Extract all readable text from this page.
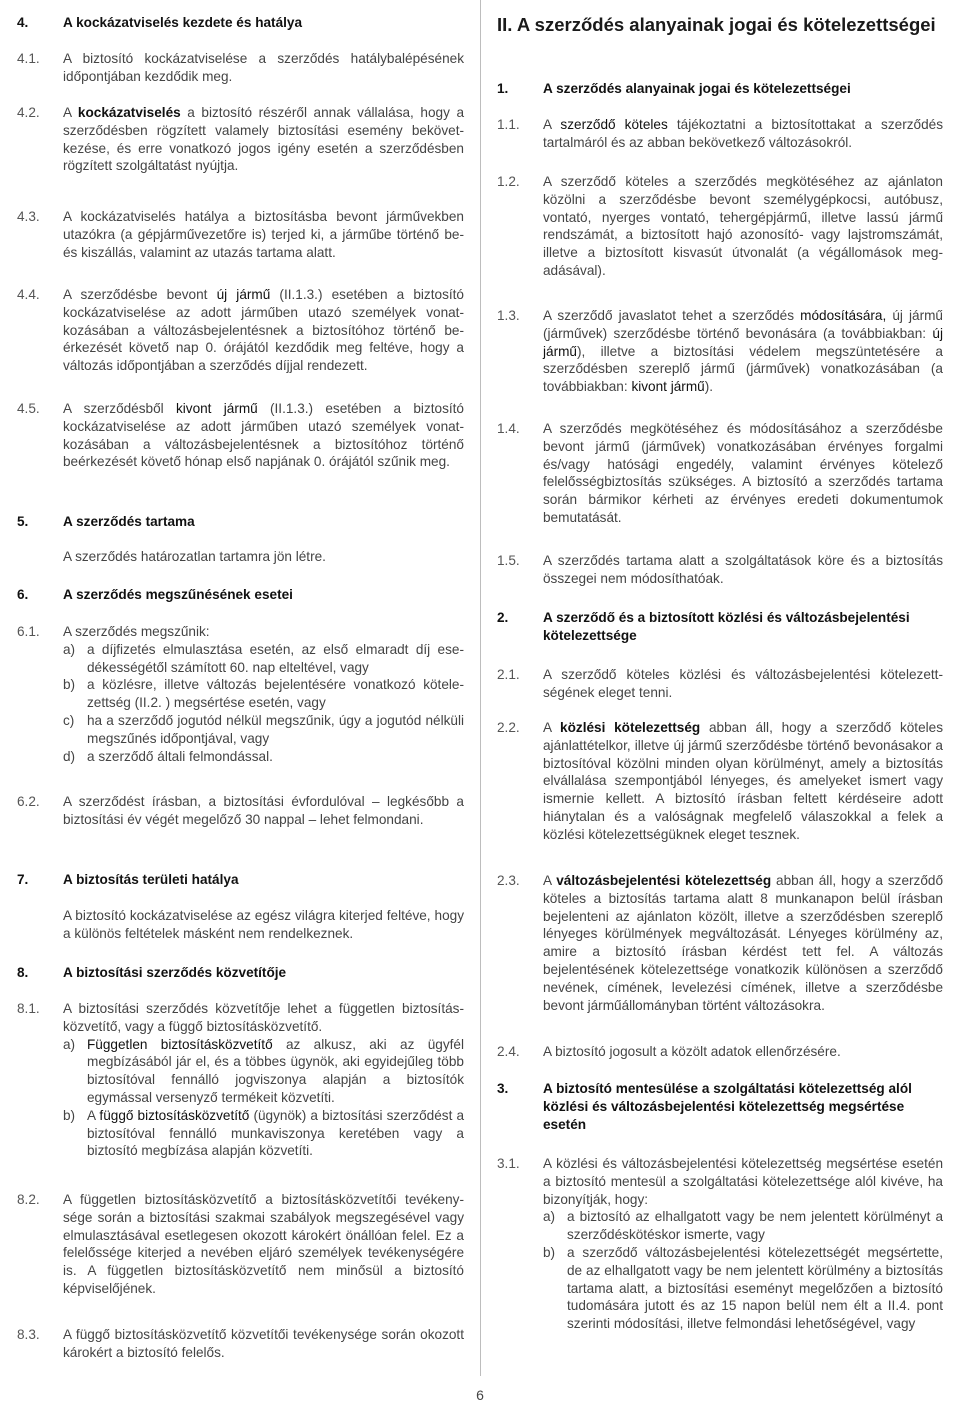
4.	A kockázatviselés kezdete és hatálya
4.1.	A biztosító kockázatviselése a szerződés hatálybalépésének időpontjában kezdődik meg.
4.2.	A kockázatviselés a biztosító részéről annak vállalása, hogy a szerződésben rögzített valamely biztosítási esemény bekövetkezése, és erre vonatkozó jogos igény esetén a szerződésben rögzített szolgáltatást nyújtja.
4.3.	A kockázatviselés hatálya a biztosításba bevont járművekben utazókra (a gépjárművezetőre is) terjed ki, a járműbe történő be- és kiszállás, valamint az utazás tartama alatt.
4.4.	A szerződésbe bevont új jármű (II.1.3.) esetében a biztosító kockázatviselése az adott járműben utazó személyek vonatkozásában a változásbejelentésnek a biztosítóhoz történő beérkezését követő nap 0. órájától kezdődik meg feltéve, hogy a változás időpontjában a szerződés díjjal rendezett.
4.5.	A szerződésből kivont jármű (II.1.3.) esetében a biztosító kockázatviselése az adott járműben utazó személyek vonatkozásában a változásbejelentésnek a biztosítóhoz történő beérkezését követő hónap első napjának 0. órájától szűnik meg.
5.	A szerződés tartama
A szerződés határozatlan tartamra jön létre.
6.	A szerződés megszűnésének esetei
6.1.	A szerződés megszűnik:

a) a díjfizetés elmulasztása esetén, az első elmaradt díj esedékességétől számított 60. nap elteltével, vagy
b) a közlésre, illetve változás bejelentésére vonatkozó kötelezettség (II.2. ) megsértése esetén, vagy
c) ha a szerződő jogutód nélkül megszűnik, úgy a jogutód nélküli megszűnés időpontjával, vagy
d) a szerződő általi felmondással.
6.2.	A szerződést írásban, a biztosítási évfordulóval – legkésőbb a biztosítási év végét megelőző 30 nappal – lehet felmondani.
7.	A biztosítás területi hatálya
A biztosító kockázatviselése az egész világra kiterjed feltéve, hogy a különös feltételek másként nem rendelkeznek.
8.	A biztosítási szerződés közvetítője
8.1.	A biztosítási szerződés közvetítője lehet a független biztosításközvetítő, vagy a függő biztosításközvetítő.

a) Független biztosításközvetítő az alkusz, aki az ügyfél megbízásából jár el, és a többes ügynök, aki egyidejűleg több biztosítóval fennálló jogviszonya alapján a biztosítók egymással versenyző termékeit közvetíti.
b) A függő biztosításközvetítő (ügynök) a biztosítási szerződést a biztosítóval fennálló munkaviszonya keretében vagy a biztosító megbízása alapján közvetíti.
8.2.	A független biztosításközvetítő a biztosításközvetítői tevékenysége során a biztosítási szakmai szabályok megszegésével vagy elmulasztásával esetlegesen okozott károkért önállóan felel. Ez a felelőssége kiterjed a nevében eljáró személyek tevékenységére is. A független biztosításközvetítő nem minősül a biztosító képviselőjének.
8.3.	A függő biztosításközvetítő közvetítői tevékenysége során okozott károkért a biztosító felelős.
II. A szerződés alanyainak jogai és kötelezettségei
1.	A szerződés alanyainak jogai és kötelezettségei
1.1.	A szerződő köteles tájékoztatni a biztosítottakat a szerződés tartalmáról és az abban bekövetkező változásokról.
1.2.	A szerződő köteles a szerződés megkötéséhez az ajánlaton közölni a szerződésbe bevont személygépkocsi, autóbusz, vontató, nyerges vontató, tehergépjármű, illetve lassú jármű rendszámát, a biztosított hajó azonosító- vagy lajstromszámát, illetve a biztosított kisvasút útvonalát (a végállomások megadásával).
1.3.	A szerződő javaslatot tehet a szerződés módosítására, új jármű (járművek) szerződésbe történő bevonására (a továbbiakban: új jármű), illetve a biztosítási védelem megszüntetésére a szerződésben szereplő jármű (járművek) vonatkozásában (a továbbiakban: kivont jármű).
1.4.	A szerződés megkötéséhez és módosításához a szerződésbe bevont jármű (járművek) vonatkozásában érvényes forgalmi és/vagy hatósági engedély, valamint érvényes kötelező felelősségbiztosítás szükséges. A biztosító a szerződés tartama során bármikor kérheti az érvényes eredeti dokumentumok bemutatását.
1.5.	A szerződés tartama alatt a szolgáltatások köre és a biztosítás összegei nem módosíthatóak.
2.	A szerződő és a biztosított közlési és változásbejelentési kötelezettsége
2.1.	A szerződő köteles közlési és változásbejelentési kötelezettségének eleget tenni.
2.2.	A közlési kötelezettség abban áll, hogy a szerződő köteles ajánlattételkor, illetve új jármű szerződésbe történő bevonásakor a biztosítóval közölni minden olyan körülményt, amely a biztosítás elvállalása szempontjából lényeges, és amelyeket ismert vagy ismernie kellett. A biztosító írásban feltett kérdéseire adott hiánytalan és a valóságnak megfelelő válaszokkal a felek a közlési kötelezettségüknek eleget tesznek.
2.3.	A változásbejelentési kötelezettség abban áll, hogy a szerződő köteles a biztosítás tartama alatt 8 munkanapon belül írásban bejelenteni az ajánlaton közölt, illetve a szerződésben szereplő lényeges körülmények megváltozását. Lényeges körülmény az, amire a biztosító írásban kérdést tett fel. A változás bejelentésének kötelezettsége vonatkozik különösen a szerződő nevének, címének, levelezési címének, illetve a szerződésbe bevont járműállományban történt változásokra.
2.4.	A biztosító jogosult a közölt adatok ellenőrzésére.
3.	A biztosító mentesülése a szolgáltatási kötelezettség alól közlési és változásbejelentési kötelezettség megsértése esetén
3.1.	A közlési és változásbejelentési kötelezettség megsértése esetén a biztosító mentesül a szolgáltatási kötelezettsége alól kivéve, ha bizonyítják, hogy:

a) a biztosító az elhallgatott vagy be nem jelentett körülményt a szerződéskötéskor ismerte, vagy
b) a szerződő változásbejelentési kötelezettségét megsértette, de az elhallgatott vagy be nem jelentett körülmény a biztosítás tartama alatt, a biztosítási eseményt megelőzően a biztosító tudomására jutott és az 15 napon belül nem élt a II.4. pont szerinti módosítási, illetve felmondási lehetőségével, vagy
6
